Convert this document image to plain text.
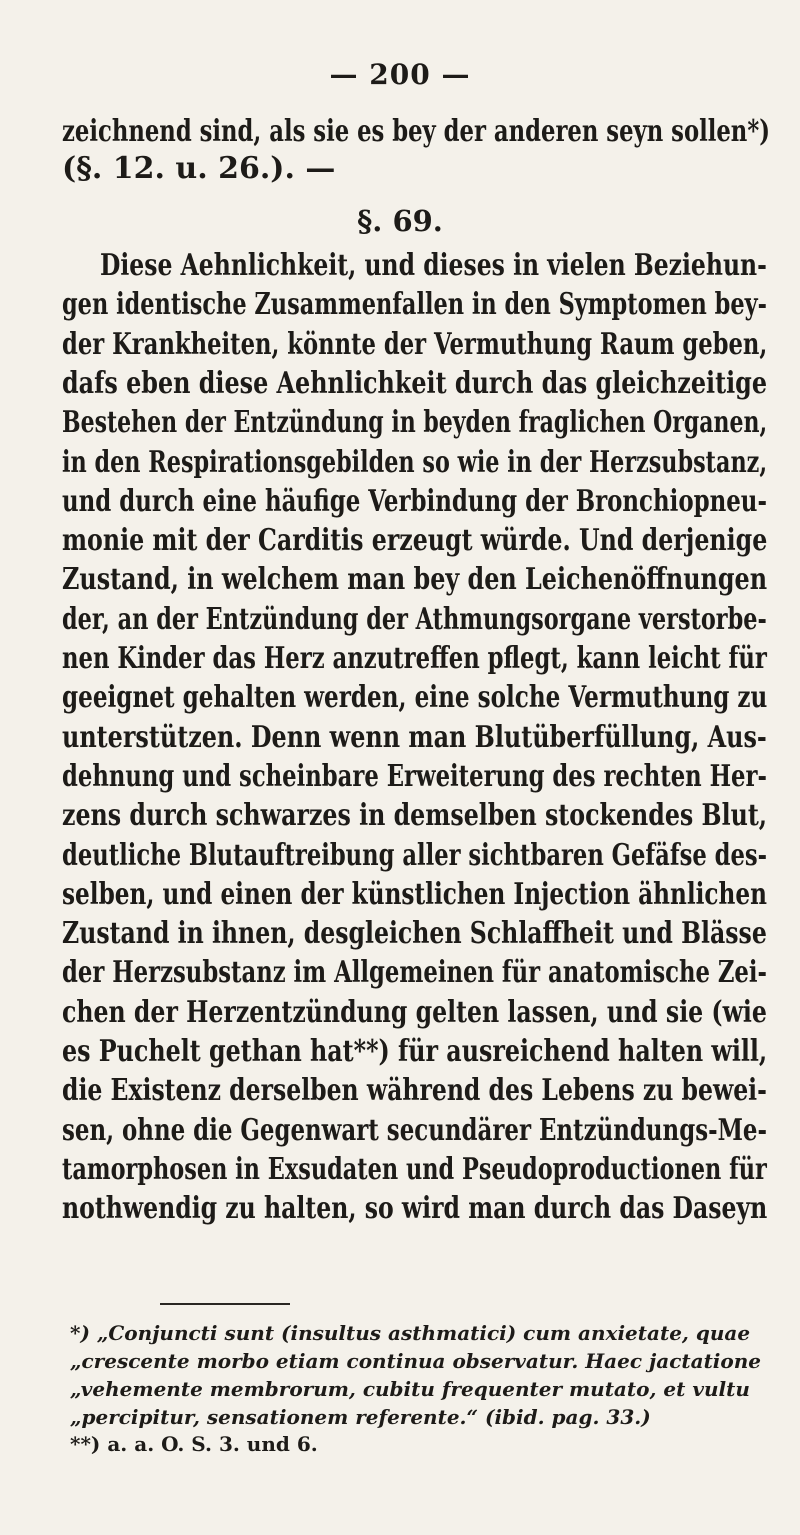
— 200 —
zeichnend sind, als sie es bey der anderen seyn sollen*)
(§. 12. u. 26.). —
§. 69.
Diese Aehnlichkeit, und dieses in vielen Beziehun-
gen identische Zusammenfallen in den Symptomen bey-
der Krankheiten, könnte der Vermuthung Raum geben,
dafs eben diese Aehnlichkeit durch das gleichzeitige
Bestehen der Entzündung in beyden fraglichen Organen,
in den Respirationsgebilden so wie in der Herzsubstanz,
und durch eine häufige Verbindung der Bronchiopneu-
monie mit der Carditis erzeugt würde. Und derjenige
Zustand, in welchem man bey den Leichenöffnungen
der, an der Entzündung der Athmungsorgane verstorbe-
nen Kinder das Herz anzutreffen pflegt, kann leicht für
geeignet gehalten werden, eine solche Vermuthung zu
unterstützen. Denn wenn man Blutüberfüllung, Aus-
dehnung und scheinbare Erweiterung des rechten Her-
zens durch schwarzes in demselben stockendes Blut,
deutliche Blutauftreibung aller sichtbaren Gefäfse des-
selben, und einen der künstlichen Injection ähnlichen
Zustand in ihnen, desgleichen Schlaffheit und Blässe
der Herzsubstanz im Allgemeinen für anatomische Zei-
chen der Herzentzündung gelten lassen, und sie (wie
es Puchelt gethan hat**) für ausreichend halten will,
die Existenz derselben während des Lebens zu bewei-
sen, ohne die Gegenwart secundärer Entzündungs-Me-
tamorphosen in Exsudaten und Pseudoproductionen für
nothwendig zu halten, so wird man durch das Daseyn
*) „Conjuncti sunt (insultus asthmatici) cum anxietate, quae
„crescente morbo etiam continua observatur. Haec jactatione
„vehemente membrorum, cubitu frequenter mutato, et vultu
„percipitur, sensationem referente.“ (ibid. pag. 33.)
**) a. a. O. S. 3. und 6.
